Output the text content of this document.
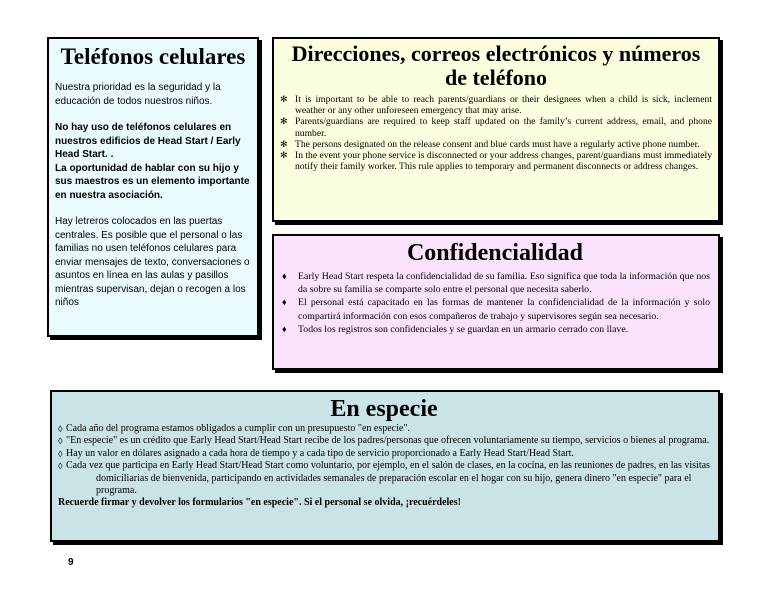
Teléfonos celulares

Nuestra prioridad es la seguridad y la educación de todos nuestros niños.

No hay uso de teléfonos celulares en nuestros edificios de Head Start / Early Head Start. .

La oportunidad de hablar con su hijo y sus maestros es un elemento importante en nuestra asociación.

Hay letreros colocados en las puertas centrales. Es posible que el personal o las familias no usen teléfonos celulares para enviar mensajes de texto, conversaciones o asuntos en línea en las aulas y pasillos mientras supervisan, dejan o recogen a los niños

Direcciones, correos electrónicos y números de teléfono
✻ It is important to be able to reach parents/guardians or their designees when a child is sick, inclement weather or any other unforeseen emergency that may arise.
✻ Parents/guardians are required to keep staff updated on the family’s current address, email, and phone number.
✻ The persons designated on the release consent and blue cards must have a regularly active phone number.
✻ In the event your phone service is disconnected or your address changes, parent/guardians must immediately notify their family worker. This rule applies to temporary and permanent disconnects or address changes.
Confidencialidad
♦ Early Head Start respeta la confidencialidad de su familia. Eso significa que toda la información que nos da sobre su familia se comparte solo entre el personal que necesita saberlo.
♦ El personal está capacitado en las formas de mantener la confidencialidad de la información y solo compartirá información con esos compañeros de trabajo y supervisores según sea necesario.
♦ Todos los registros son confidenciales y se guardan en un armario cerrado con llave.
En especie
◊ Cada año del programa estamos obligados a cumplir con un presupuesto "en especie".
◊ "En especie" es un crédito que Early Head Start/Head Start recibe de los padres/personas que ofrecen voluntariamente su tiempo, servicios o bienes al programa.
◊ Hay un valor en dólares asignado a cada hora de tiempo y a cada tipo de servicio proporcionado a Early Head Start/Head Start.
◊ Cada vez que participa en Early Head Start/Head Start como voluntario, por ejemplo, en el salón de clases, en la cocina, en las reuniones de padres, en las visitas domiciliarias de bienvenida, participando en actividades semanales de preparación escolar en el hogar con su hijo, genera dinero "en especie" para el programa.

Recuerde firmar y devolver los formularios "en especie". Si el personal se olvida, ¡recuérdeles!

9
